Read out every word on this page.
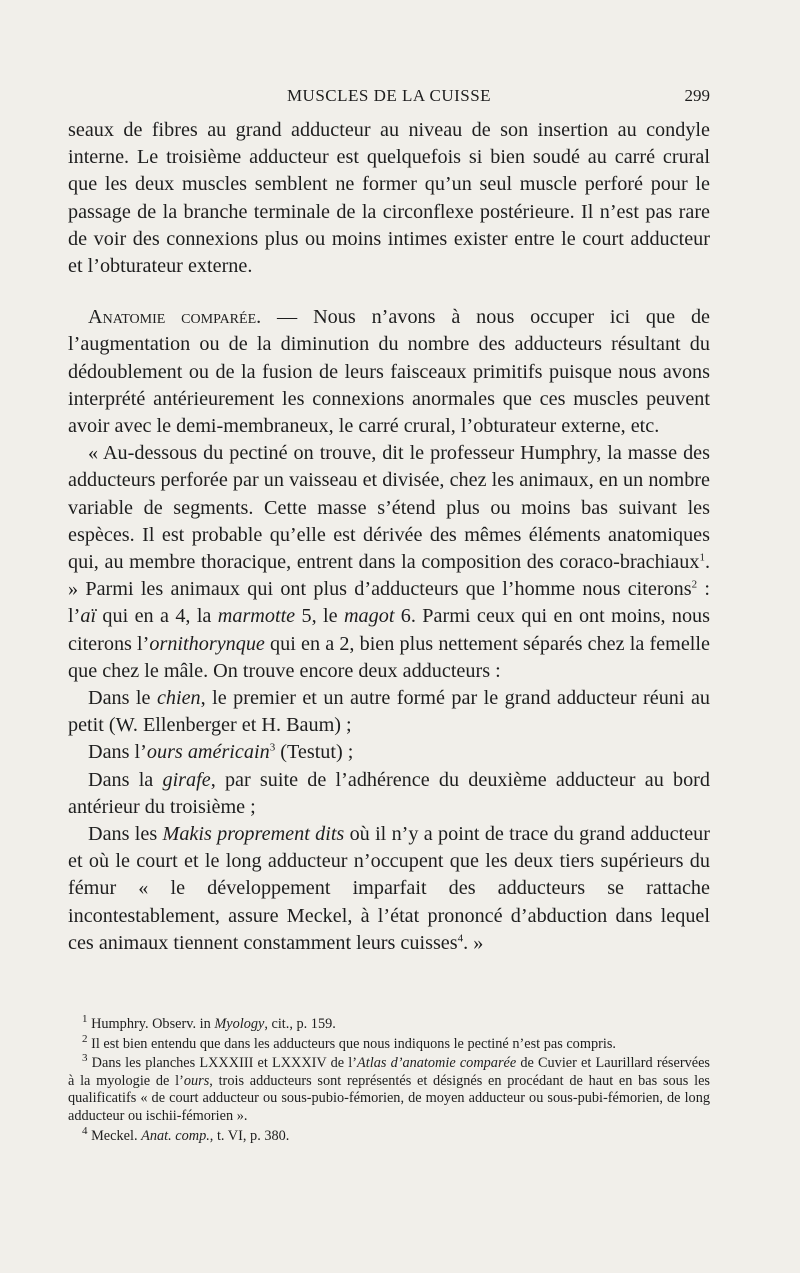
MUSCLES DE LA CUISSE	299

seaux de fibres au grand adducteur au niveau de son insertion au condyle interne. Le troisième adducteur est quelquefois si bien soudé au carré crural que les deux muscles semblent ne former qu’un seul muscle perforé pour le passage de la branche terminale de la circonflexe postérieure. Il n’est pas rare de voir des connexions plus ou moins intimes exister entre le court adducteur et l’obturateur externe.

Anatomie comparée. — Nous n’avons à nous occuper ici que de l’augmentation ou de la diminution du nombre des adducteurs résultant du dédoublement ou de la fusion de leurs faisceaux primitifs puisque nous avons interprété antérieurement les connexions anormales que ces muscles peuvent avoir avec le demi-membraneux, le carré crural, l’obturateur externe, etc.

« Au-dessous du pectiné on trouve, dit le professeur Humphry, la masse des adducteurs perforée par un vaisseau et divisée, chez les animaux, en un nombre variable de segments. Cette masse s’étend plus ou moins bas suivant les espèces. Il est probable qu’elle est dérivée des mêmes éléments anatomiques qui, au membre thoracique, entrent dans la composition des coraco-brachiaux$^1$. » Parmi les animaux qui ont plus d’adducteurs que l’homme nous citerons$^2$ : l’aï qui en a 4, la marmotte 5, le magot 6. Parmi ceux qui en ont moins, nous citerons l’ornithorynque qui en a 2, bien plus nettement séparés chez la femelle que chez le mâle. On trouve encore deux adducteurs :

Dans le chien, le premier et un autre formé par le grand adducteur réuni au petit (W. Ellenberger et H. Baum) ;

Dans l’ours américain$^3$ (Testut) ;

Dans la girafe, par suite de l’adhérence du deuxième adducteur au bord antérieur du troisième ;

Dans les Makis proprement dits où il n’y a point de trace du grand adducteur et où le court et le long adducteur n’occupent que les deux tiers supérieurs du fémur « le développement imparfait des adducteurs se rattache incontestablement, assure Meckel, à l’état prononcé d’abduction dans lequel ces animaux tiennent constamment leurs cuisses$^4$. »

$^1$ Humphry. Observ. in Myology, cit., p. 159.

$^2$ Il est bien entendu que dans les adducteurs que nous indiquons le pectiné n’est pas compris.

$^3$ Dans les planches LXXXIII et LXXXIV de l’Atlas d’anatomie comparée de Cuvier et Laurillard réservées à la myologie de l’ours, trois adducteurs sont représentés et désignés en procédant de haut en bas sous les qualificatifs « de court adducteur ou sous-pubio-fémorien, de moyen adducteur ou sous-pubi-fémorien, de long adducteur ou ischii-fémorien ».

$^4$ Meckel. Anat. comp., t. VI, p. 380.
